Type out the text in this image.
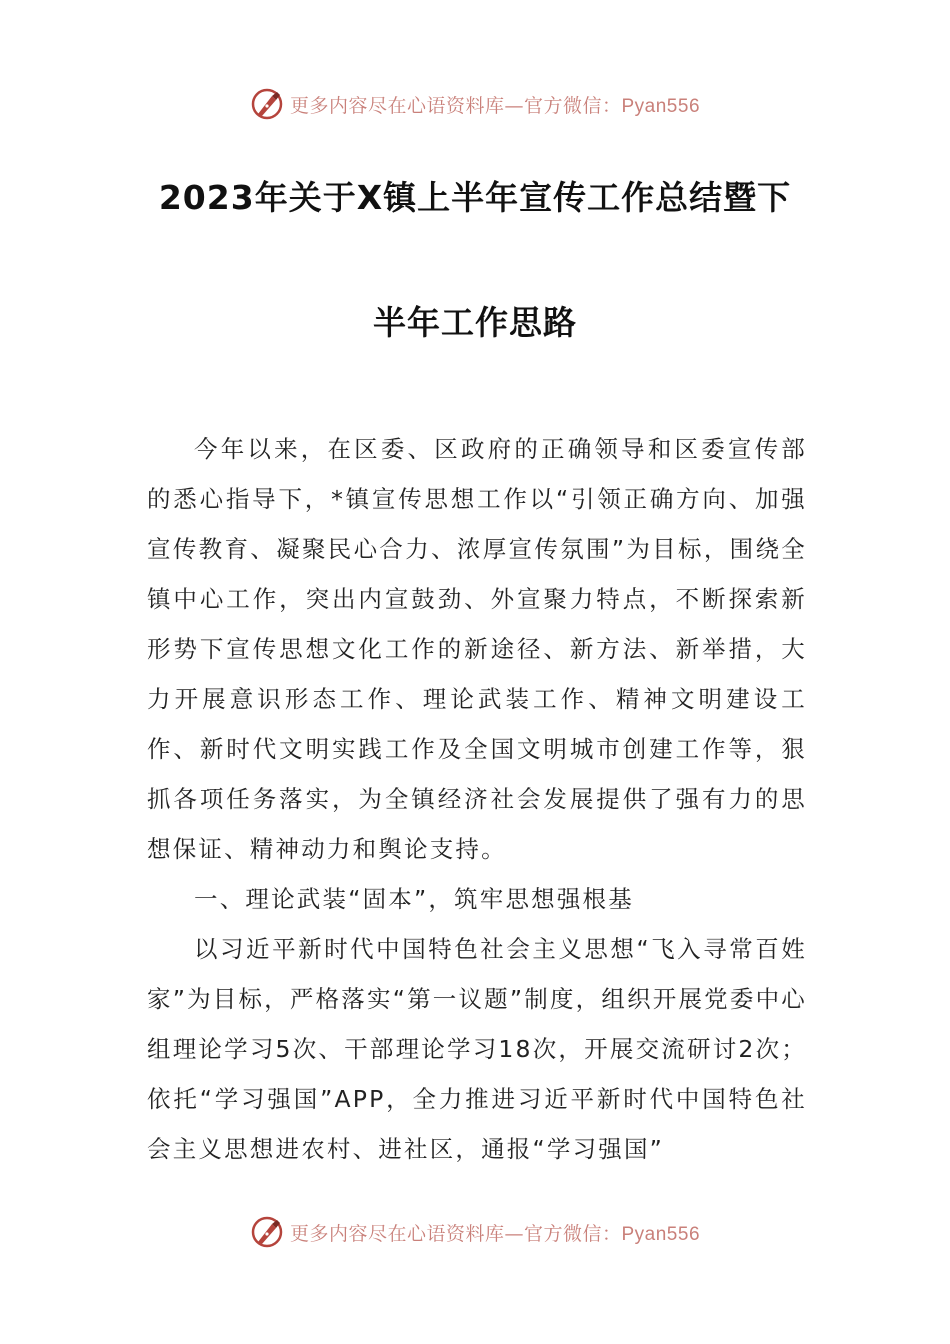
更多内容尽在心语资料库—官方微信：Pyan556
2023年关于X镇上半年宣传工作总结暨下
半年工作思路

今年以来，在区委、区政府的正确领导和区委宣传部的悉心指导下，*镇宣传思想工作以“引领正确方向、加强宣传教育、凝聚民心合力、浓厚宣传氛围”为目标，围绕全镇中心工作，突出内宣鼓劲、外宣聚力特点，不断探索新形势下宣传思想文化工作的新途径、新方法、新举措，大力开展意识形态工作、理论武装工作、精神文明建设工作、新时代文明实践工作及全国文明城市创建工作等，狠抓各项任务落实，为全镇经济社会发展提供了强有力的思想保证、精神动力和舆论支持。

一、理论武装“固本”，筑牢思想强根基

以习近平新时代中国特色社会主义思想“飞入寻常百姓家”为目标，严格落实“第一议题”制度，组织开展党委中心组理论学习5次、干部理论学习18次，开展交流研讨2次；依托“学习强国”APP，全力推进习近平新时代中国特色社会主义思想进农村、进社区，通报“学习强国”

更多内容尽在心语资料库—官方微信：Pyan556
